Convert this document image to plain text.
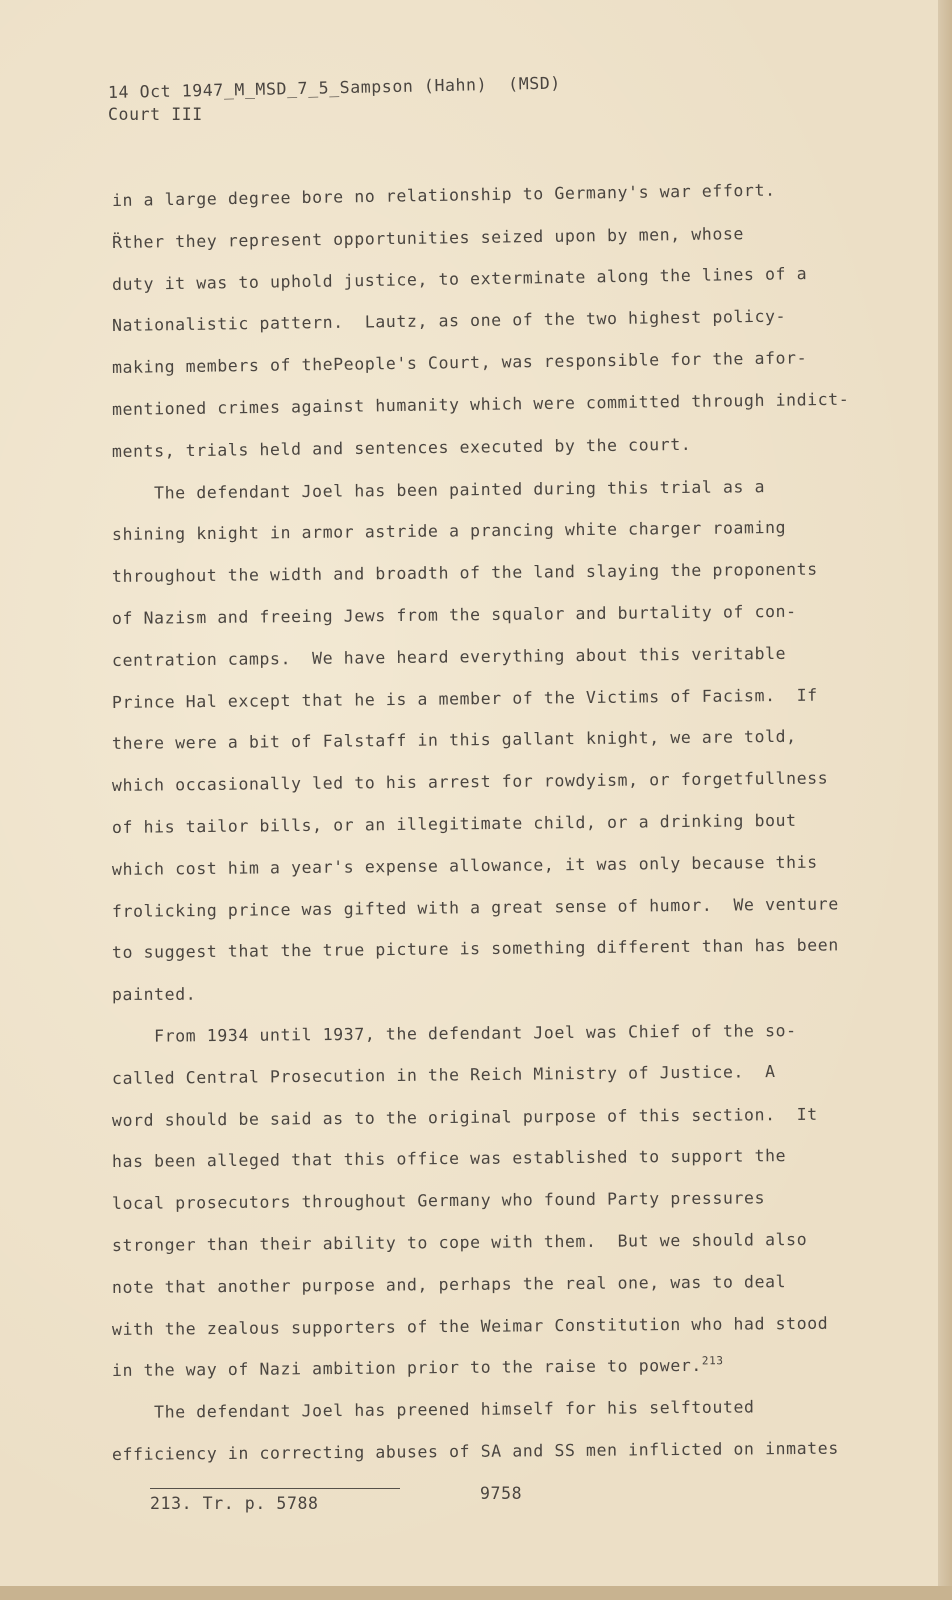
14 Oct 1947_M_MSD_7_5_Sampson (Hahn)  (MSD)
Court III
in a large degree bore no relationship to Germany's war effort.
R̈ther they represent opportunities seized upon by men, whose
duty it was to uphold justice, to exterminate along the lines of a
Nationalistic pattern.  Lautz, as one of the two highest policy-
making members of thePeople's Court, was responsible for the afor-
mentioned crimes against humanity which were committed through indict-
ments, trials held and sentences executed by the court.
The defendant Joel has been painted during this trial as a
shining knight in armor astride a prancing white charger roaming
throughout the width and broadth of the land slaying the proponents
of Nazism and freeing Jews from the squalor and burtality of con-
centration camps.  We have heard everything about this veritable
Prince Hal except that he is a member of the Victims of Facism.  If
there were a bit of Falstaff in this gallant knight, we are told,
which occasionally led to his arrest for rowdyism, or forgetfullness
of his tailor bills, or an illegitimate child, or a drinking bout
which cost him a year's expense allowance, it was only because this
frolicking prince was gifted with a great sense of humor.  We venture
to suggest that the true picture is something different than has been
painted.
From 1934 until 1937, the defendant Joel was Chief of the so-
called Central Prosecution in the Reich Ministry of Justice.  A
word should be said as to the original purpose of this section.  It
has been alleged that this office was established to support the
local prosecutors throughout Germany who found Party pressures
stronger than their ability to cope with them.  But we should also
note that another purpose and, perhaps the real one, was to deal
with the zealous supporters of the Weimar Constitution who had stood
in the way of Nazi ambition prior to the raise to power.$^{213}$
The defendant Joel has preened himself for his selftouted
efficiency in correcting abuses of SA and SS men inflicted on inmates
213. Tr. p. 5788
9758
